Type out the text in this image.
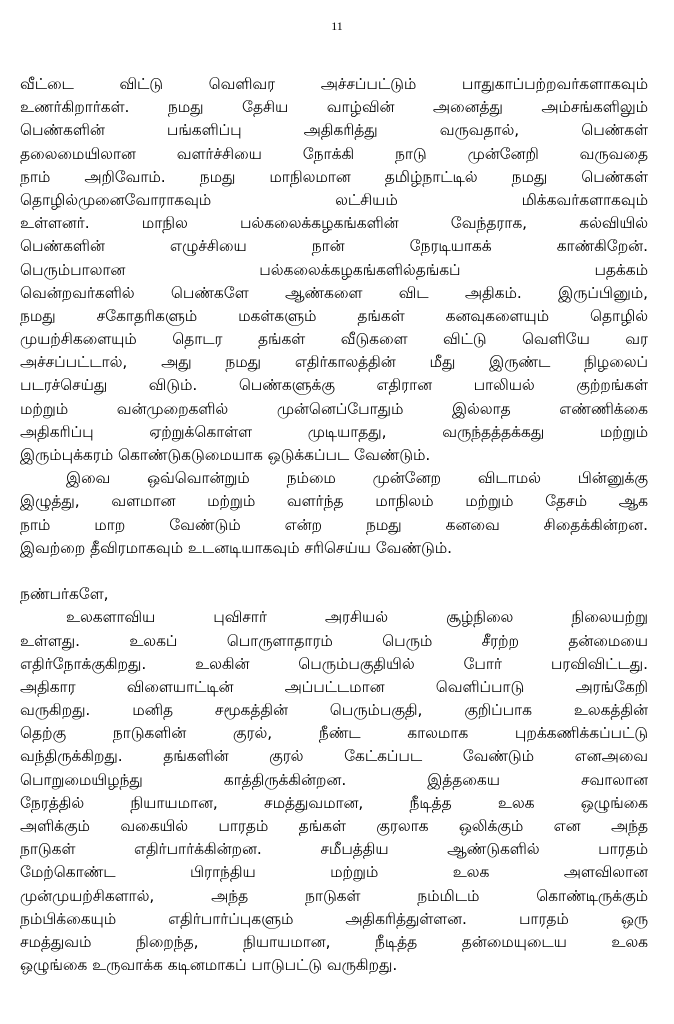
11
வீட்டை விட்டு வெளிவர அச்சப்பட்டும் பாதுகாப்பற்றவர்களாகவும்
உணர்கிறார்கள். நமது தேசிய வாழ்வின் அனைத்து அம்சங்களிலும்
பெண்களின் பங்களிப்பு அதிகரித்து வருவதால், பெண்கள்
தலைமையிலான வளர்ச்சியை நோக்கி நாடு முன்னேறி வருவதை
நாம் அறிவோம். நமது மாநிலமான தமிழ்நாட்டில் நமது பெண்கள்
தொழில்முனைவோராகவும் லட்சியம் மிக்கவர்களாகவும்
உள்ளனர். மாநில பல்கலைக்கழகங்களின் வேந்தராக, கல்வியில்
பெண்களின் எழுச்சியை நான் நேரடியாகக் காண்கிறேன்.
பெரும்பாலான பல்கலைக்கழகங்களில்தங்கப் பதக்கம்
வென்றவர்களில் பெண்களே ஆண்களை விட அதிகம். இருப்பினும்,
நமது சகோதரிகளும் மகள்களும் தங்கள் கனவுகளையும் தொழில்
முயற்சிகளையும் தொடர தங்கள் வீடுகளை விட்டு வெளியே வர
அச்சப்பட்டால், அது நமது எதிர்காலத்தின் மீது இருண்ட நிழலைப்
படரச்செய்து விடும். பெண்களுக்கு எதிரான பாலியல் குற்றங்கள்
மற்றும் வன்முறைகளில் முன்னெப்போதும் இல்லாத எண்ணிக்கை
அதிகரிப்பு ஏற்றுக்கொள்ள முடியாதது, வருந்தத்தக்கது மற்றும்
இரும்புக்கரம் கொண்டுகடுமையாக ஒடுக்கப்பட வேண்டும்.
இவை ஒவ்வொன்றும் நம்மை முன்னேற விடாமல் பின்னுக்கு
இழுத்து, வளமான மற்றும் வளர்ந்த மாநிலம் மற்றும் தேசம் ஆக
நாம் மாற வேண்டும் என்ற நமது கனவை சிதைக்கின்றன.
இவற்றை தீவிரமாகவும் உடனடியாகவும் சரிசெய்ய வேண்டும்.
நண்பர்களே,
உலகளாவிய புவிசார் அரசியல் சூழ்நிலை நிலையற்று
உள்ளது. உலகப் பொருளாதாரம் பெரும் சீரற்ற தன்மையை
எதிர்நோக்குகிறது. உலகின் பெரும்பகுதியில் போர் பரவிவிட்டது.
அதிகார விளையாட்டின் அப்பட்டமான வெளிப்பாடு அரங்கேறி
வருகிறது. மனித சமூகத்தின் பெரும்பகுதி, குறிப்பாக உலகத்தின்
தெற்கு நாடுகளின் குரல், நீண்ட காலமாக புறக்கணிக்கப்பட்டு
வந்திருக்கிறது. தங்களின் குரல் கேட்கப்பட வேண்டும் எனஅவை
பொறுமையிழந்து காத்திருக்கின்றன. இத்தகைய சவாலான
நேரத்தில் நியாயமான, சமத்துவமான, நீடித்த உலக ஒழுங்கை
அளிக்கும் வகையில் பாரதம் தங்கள் குரலாக ஒலிக்கும் என அந்த
நாடுகள் எதிர்பார்க்கின்றன. சமீபத்திய ஆண்டுகளில் பாரதம்
மேற்கொண்ட பிராந்திய மற்றும் உலக அளவிலான
முன்முயற்சிகளால், அந்த நாடுகள் நம்மிடம் கொண்டிருக்கும்
நம்பிக்கையும் எதிர்பார்ப்புகளும் அதிகரித்துள்ளன. பாரதம் ஒரு
சமத்துவம் நிறைந்த, நியாயமான, நீடித்த தன்மையுடைய உலக
ஒழுங்கை உருவாக்க கடினமாகப் பாடுபட்டு வருகிறது.
